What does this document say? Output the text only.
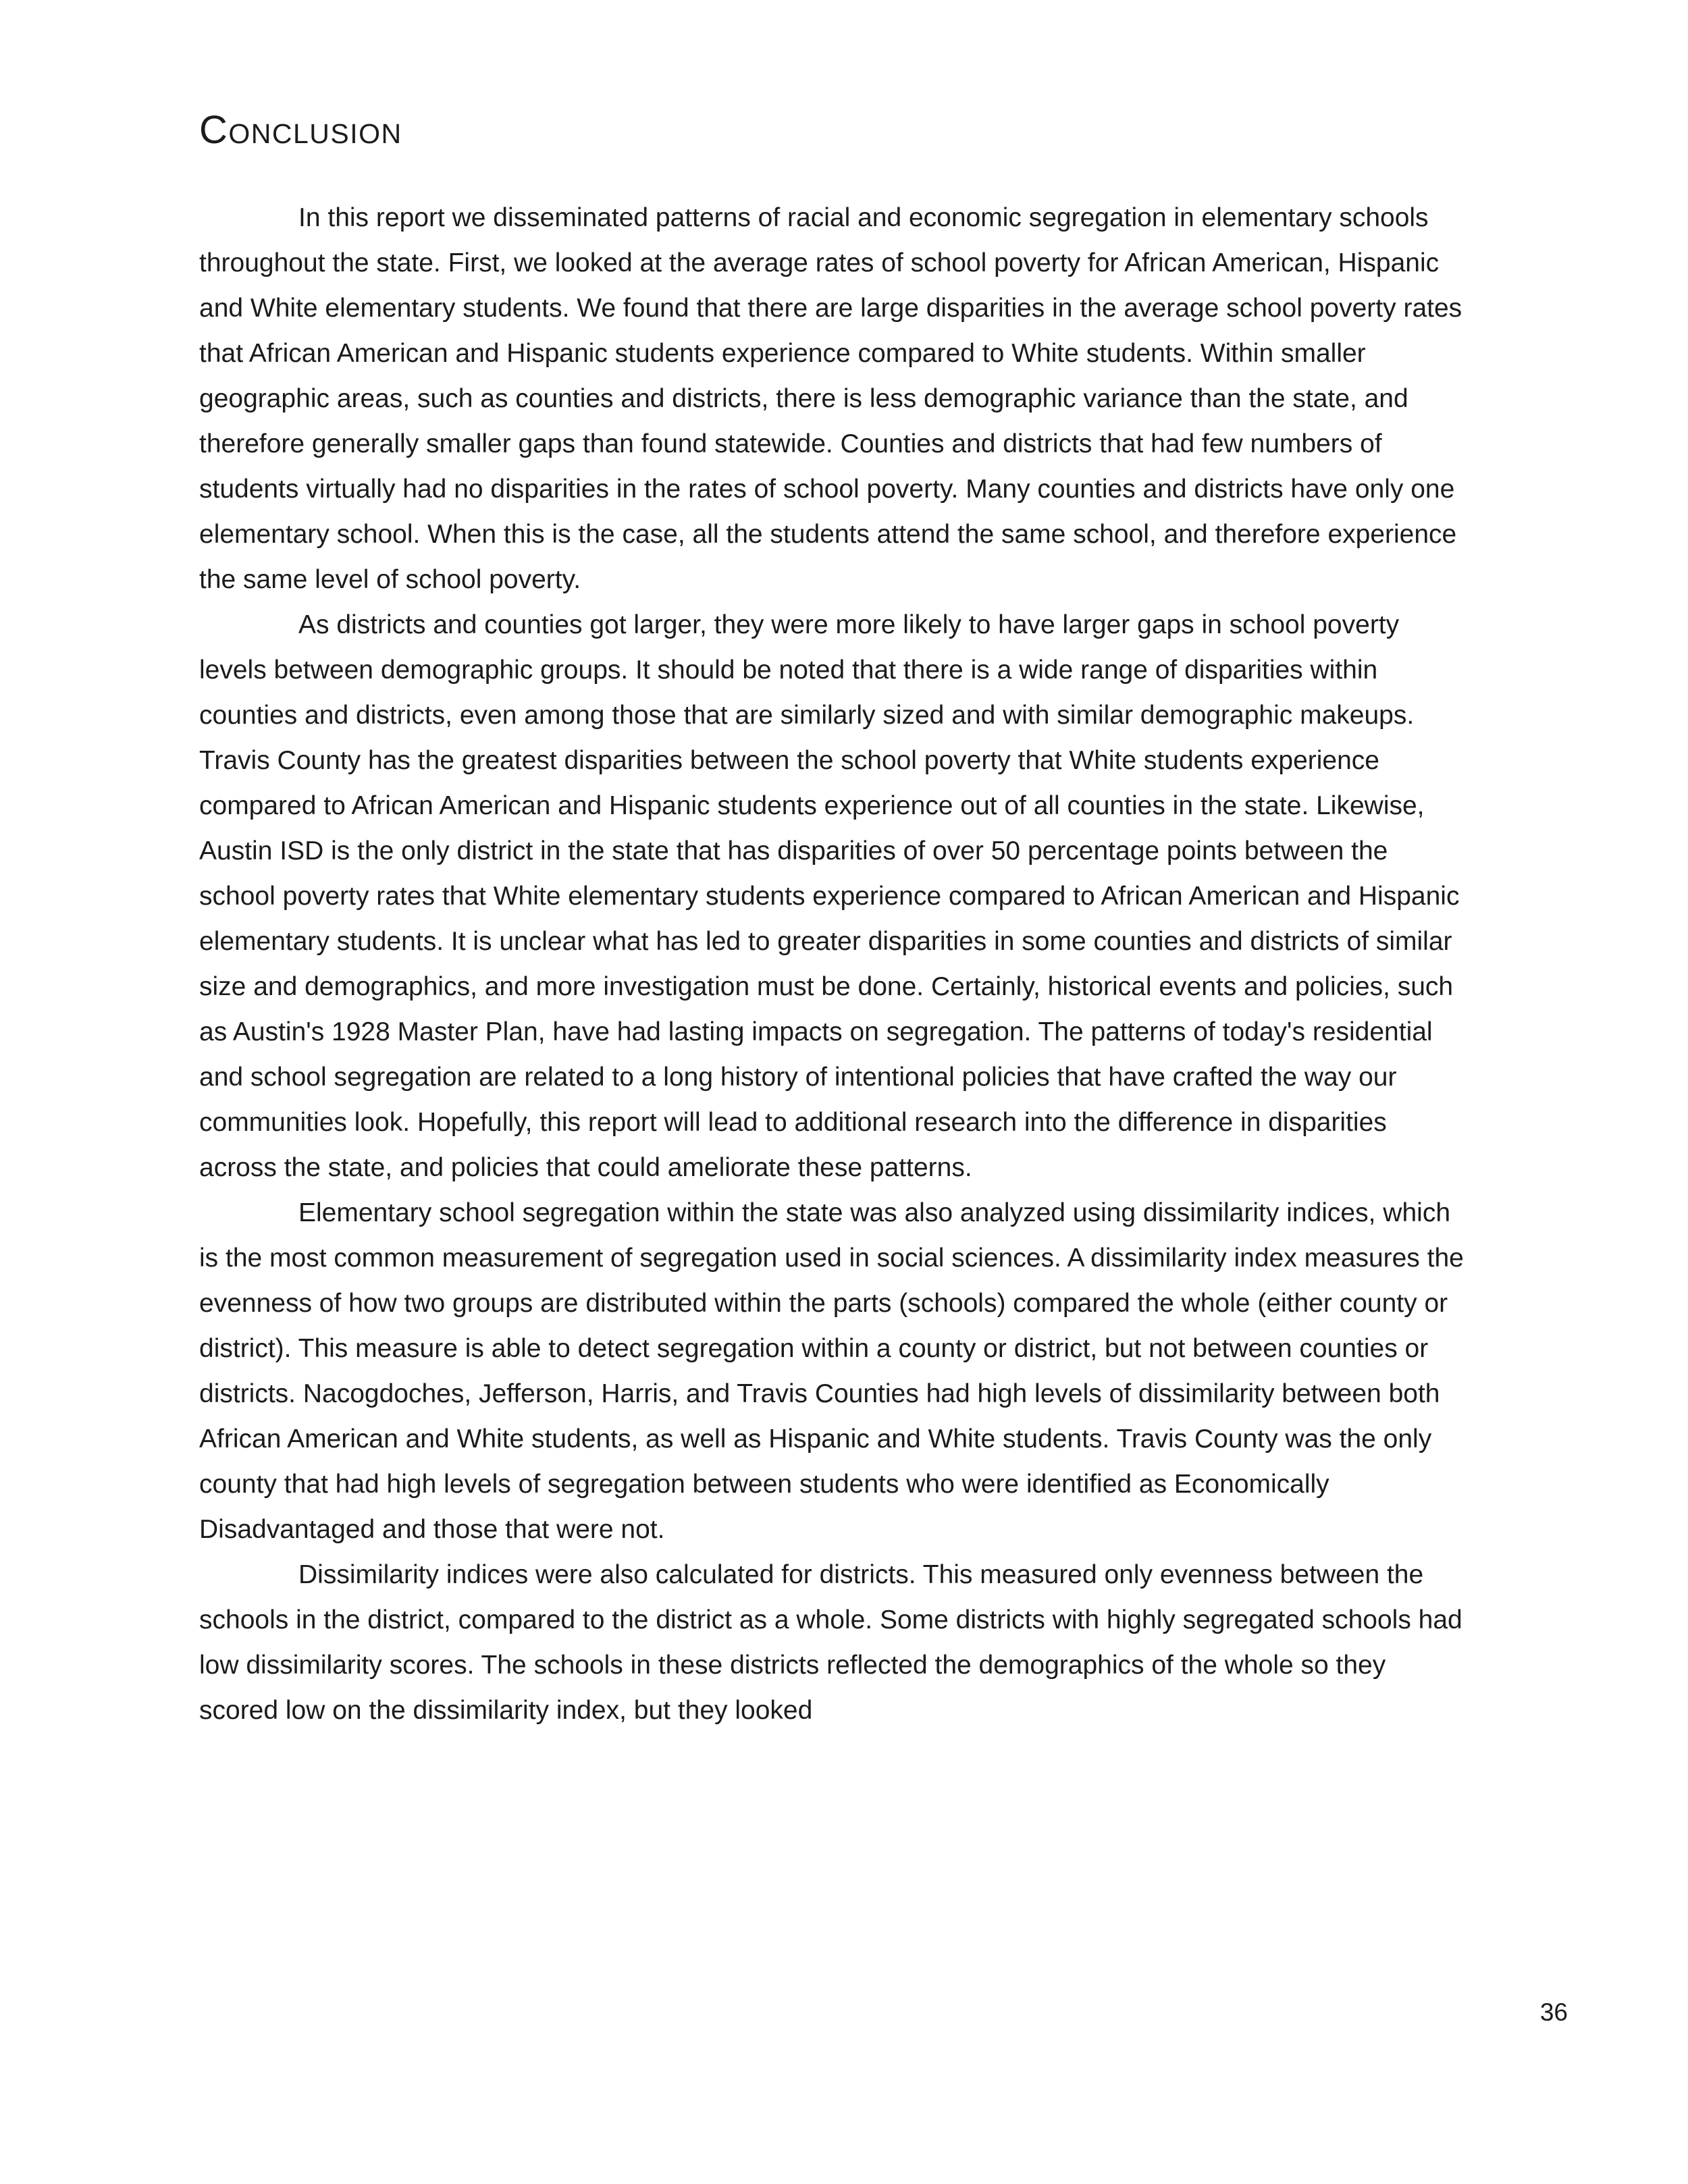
Conclusion

In this report we disseminated patterns of racial and economic segregation in elementary schools throughout the state. First, we looked at the average rates of school poverty for African American, Hispanic and White elementary students. We found that there are large disparities in the average school poverty rates that African American and Hispanic students experience compared to White students. Within smaller geographic areas, such as counties and districts, there is less demographic variance than the state, and therefore generally smaller gaps than found statewide. Counties and districts that had few numbers of students virtually had no disparities in the rates of school poverty. Many counties and districts have only one elementary school. When this is the case, all the students attend the same school, and therefore experience the same level of school poverty.

As districts and counties got larger, they were more likely to have larger gaps in school poverty levels between demographic groups. It should be noted that there is a wide range of disparities within counties and districts, even among those that are similarly sized and with similar demographic makeups. Travis County has the greatest disparities between the school poverty that White students experience compared to African American and Hispanic students experience out of all counties in the state. Likewise, Austin ISD is the only district in the state that has disparities of over 50 percentage points between the school poverty rates that White elementary students experience compared to African American and Hispanic elementary students. It is unclear what has led to greater disparities in some counties and districts of similar size and demographics, and more investigation must be done. Certainly, historical events and policies, such as Austin's 1928 Master Plan, have had lasting impacts on segregation. The patterns of today's residential and school segregation are related to a long history of intentional policies that have crafted the way our communities look. Hopefully, this report will lead to additional research into the difference in disparities across the state, and policies that could ameliorate these patterns.

Elementary school segregation within the state was also analyzed using dissimilarity indices, which is the most common measurement of segregation used in social sciences. A dissimilarity index measures the evenness of how two groups are distributed within the parts (schools) compared the whole (either county or district). This measure is able to detect segregation within a county or district, but not between counties or districts. Nacogdoches, Jefferson, Harris, and Travis Counties had high levels of dissimilarity between both African American and White students, as well as Hispanic and White students. Travis County was the only county that had high levels of segregation between students who were identified as Economically Disadvantaged and those that were not.

Dissimilarity indices were also calculated for districts. This measured only evenness between the schools in the district, compared to the district as a whole. Some districts with highly segregated schools had low dissimilarity scores. The schools in these districts reflected the demographics of the whole so they scored low on the dissimilarity index, but they looked

36
